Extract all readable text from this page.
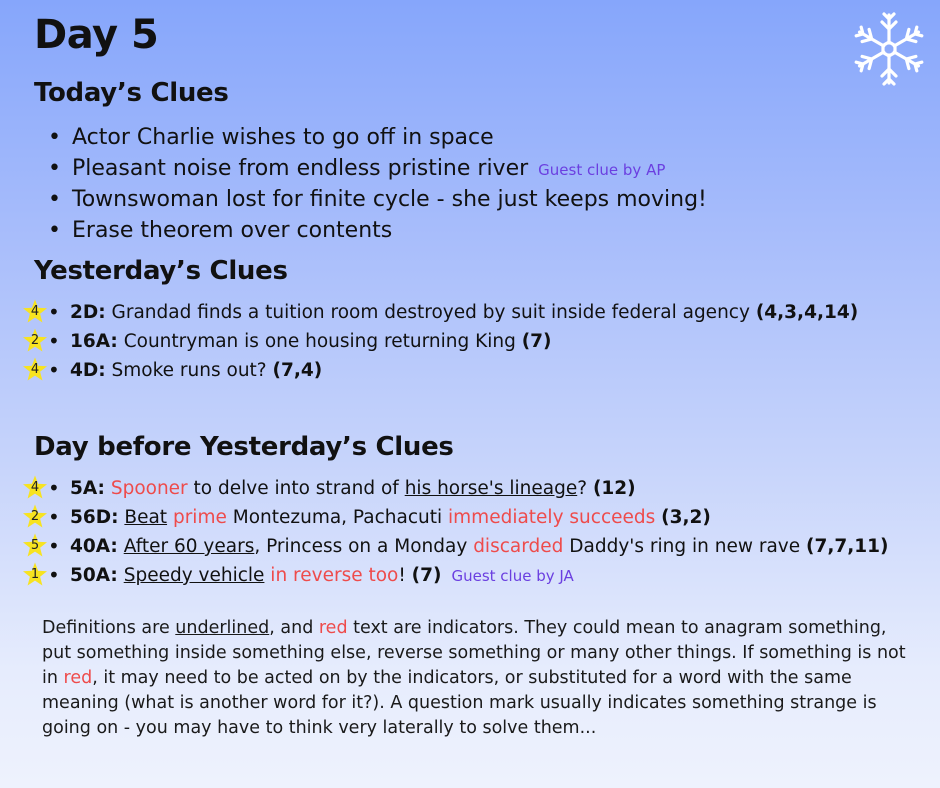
Day 5
Today’s Clues
• Actor Charlie wishes to go off in space
• Pleasant noise from endless pristine river Guest clue by AP
• Townswoman lost for finite cycle - she just keeps moving!
• Erase theorem over contents
Yesterday’s Clues
• 4	2D: Grandad finds a tuition room destroyed by suit inside federal agency (4,3,4,14)
• 2	16A: Countryman is one housing returning King (7)
• 4	4D: Smoke runs out? (7,4)
Day before Yesterday’s Clues
• 4	5A: Spooner to delve into strand of his horse's lineage? (12)
• 2	56D: Beat prime Montezuma, Pachacuti immediately succeeds (3,2)
• 5	40A: After 60 years, Princess on a Monday discarded Daddy's ring in new rave (7,7,11)
• 1	50A: Speedy vehicle in reverse too! (7) Guest clue by JA

Definitions are underlined, and red text are indicators. They could mean to anagram something, put something inside something else, reverse something or many other things. If something is not in red, it may need to be acted on by the indicators, or substituted for a word with the same meaning (what is another word for it?). A question mark usually indicates something strange is going on - you may have to think very laterally to solve them...
